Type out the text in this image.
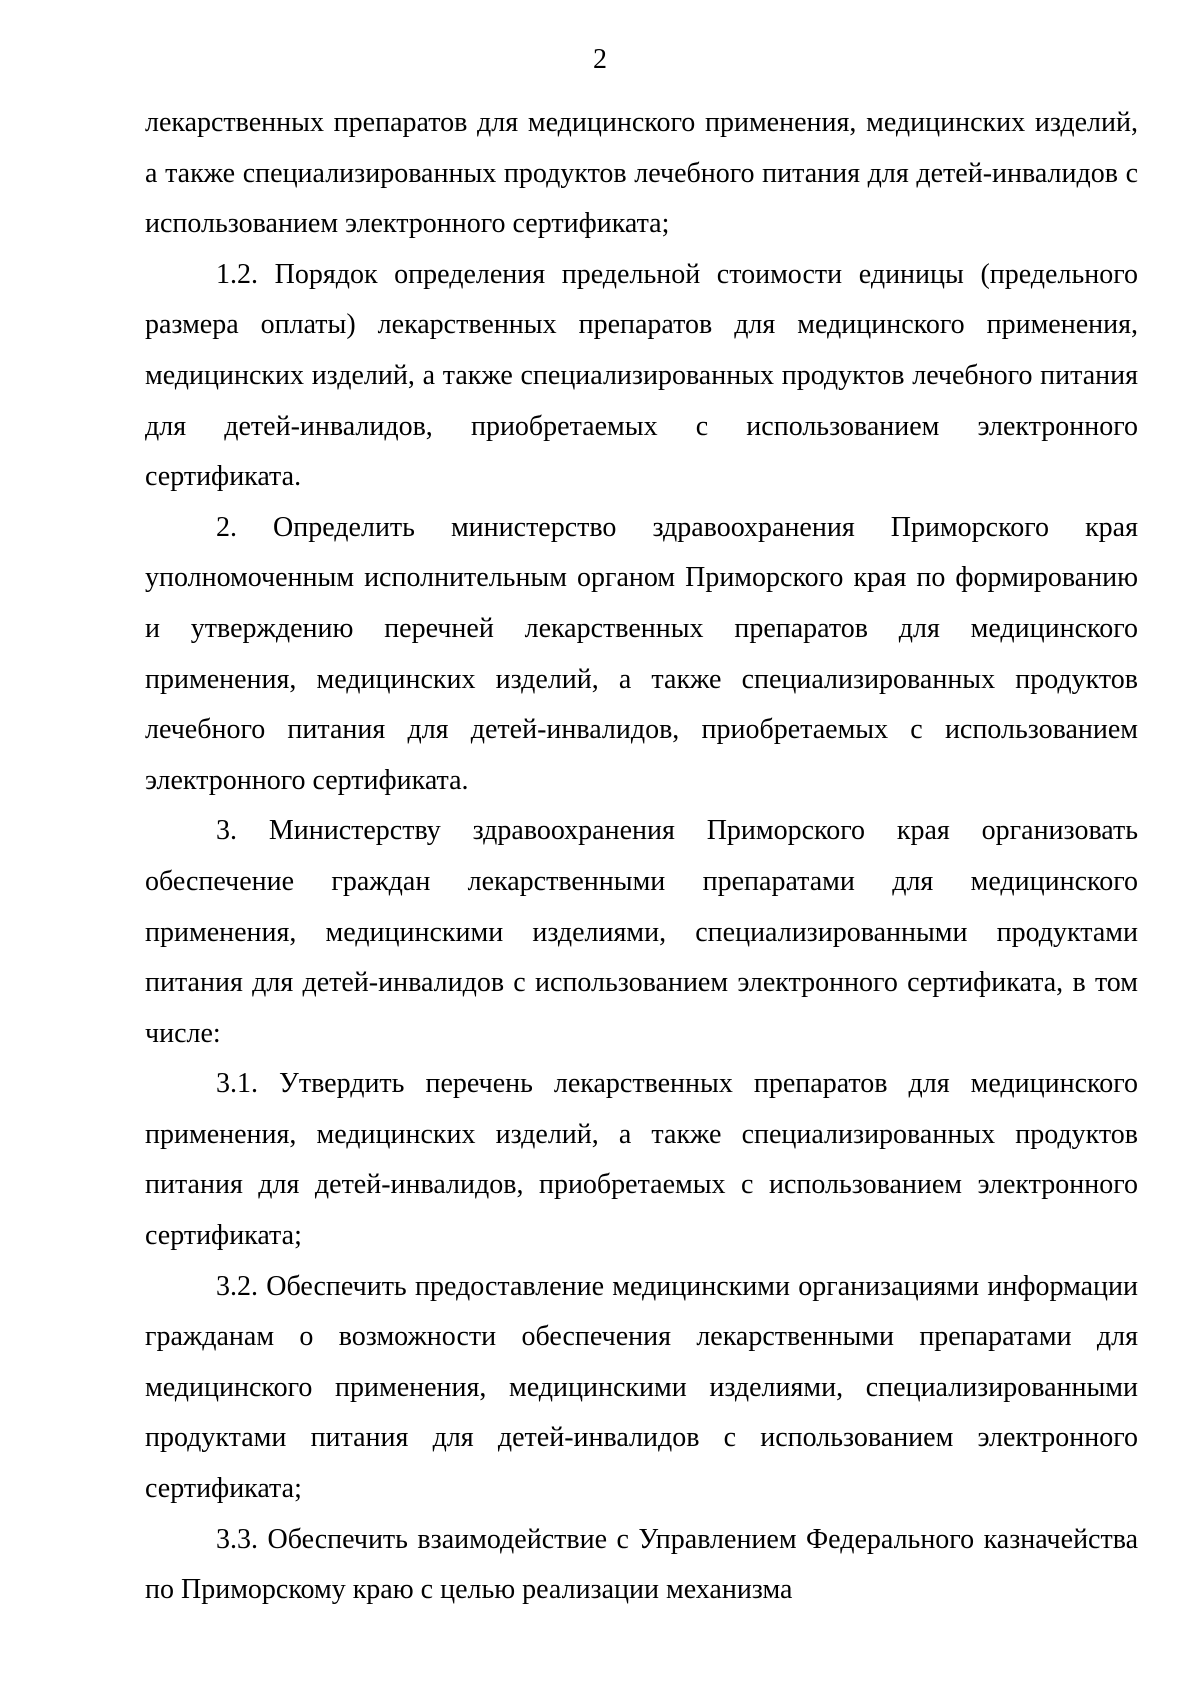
2

лекарственных препаратов для медицинского применения, медицинских изделий, а также специализированных продуктов лечебного питания для детей-инвалидов с использованием электронного сертификата;

1.2. Порядок определения предельной стоимости единицы (предельного размера оплаты) лекарственных препаратов для медицинского применения, медицинских изделий, а также специализированных продуктов лечебного питания для детей-инвалидов, приобретаемых с использованием электронного сертификата.

2. Определить министерство здравоохранения Приморского края уполномоченным исполнительным органом Приморского края по формированию и утверждению перечней лекарственных препаратов для медицинского применения, медицинских изделий, а также специализированных продуктов лечебного питания для детей-инвалидов, приобретаемых с использованием электронного сертификата.

3. Министерству здравоохранения Приморского края организовать обеспечение граждан лекарственными препаратами для медицинского применения, медицинскими изделиями, специализированными продуктами питания для детей-инвалидов с использованием электронного сертификата, в том числе:

3.1. Утвердить перечень лекарственных препаратов для медицинского применения, медицинских изделий, а также специализированных продуктов питания для детей-инвалидов, приобретаемых с использованием электронного сертификата;

3.2. Обеспечить предоставление медицинскими организациями информации гражданам о возможности обеспечения лекарственными препаратами для медицинского применения, медицинскими изделиями, специализированными продуктами питания для детей-инвалидов с использованием электронного сертификата;

3.3. Обеспечить взаимодействие с Управлением Федерального казначейства по Приморскому краю с целью реализации механизма
